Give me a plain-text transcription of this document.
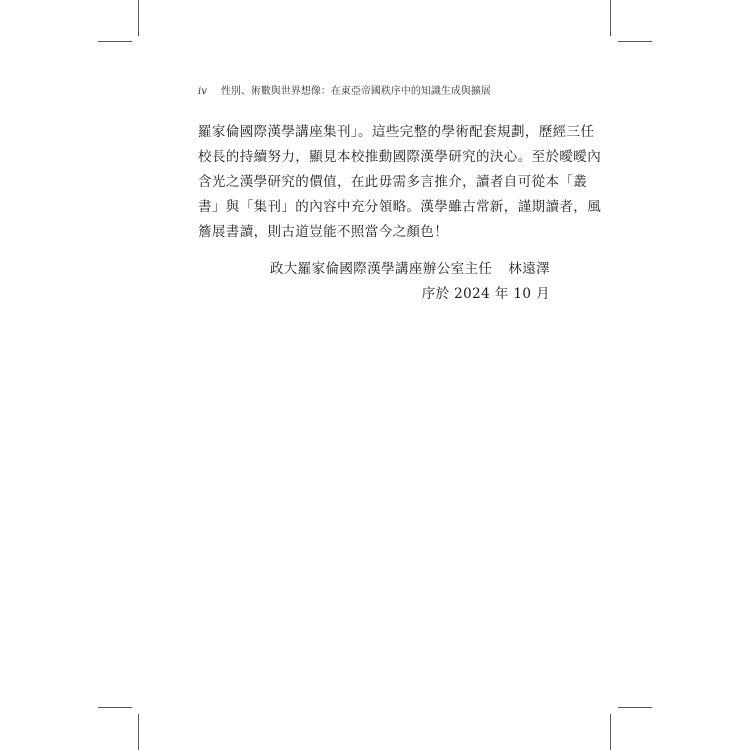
iv 性別、術數與世界想像：在東亞帝國秩序中的知識生成與擴展

羅家倫國際漢學講座集刊」。這些完整的學術配套規劃，歷經三任
校長的持續努力，顯見本校推動國際漢學研究的決心。至於曖曖內
含光之漢學研究的價值，在此毋需多言推介，讀者自可從本「叢
書」與「集刊」的內容中充分領略。漢學雖古常新，謹期讀者，風
簷展書讀，則古道豈能不照當今之顏色！

政大羅家倫國際漢學講座辦公室主任 林遠澤
序於 2024 年 10 月
